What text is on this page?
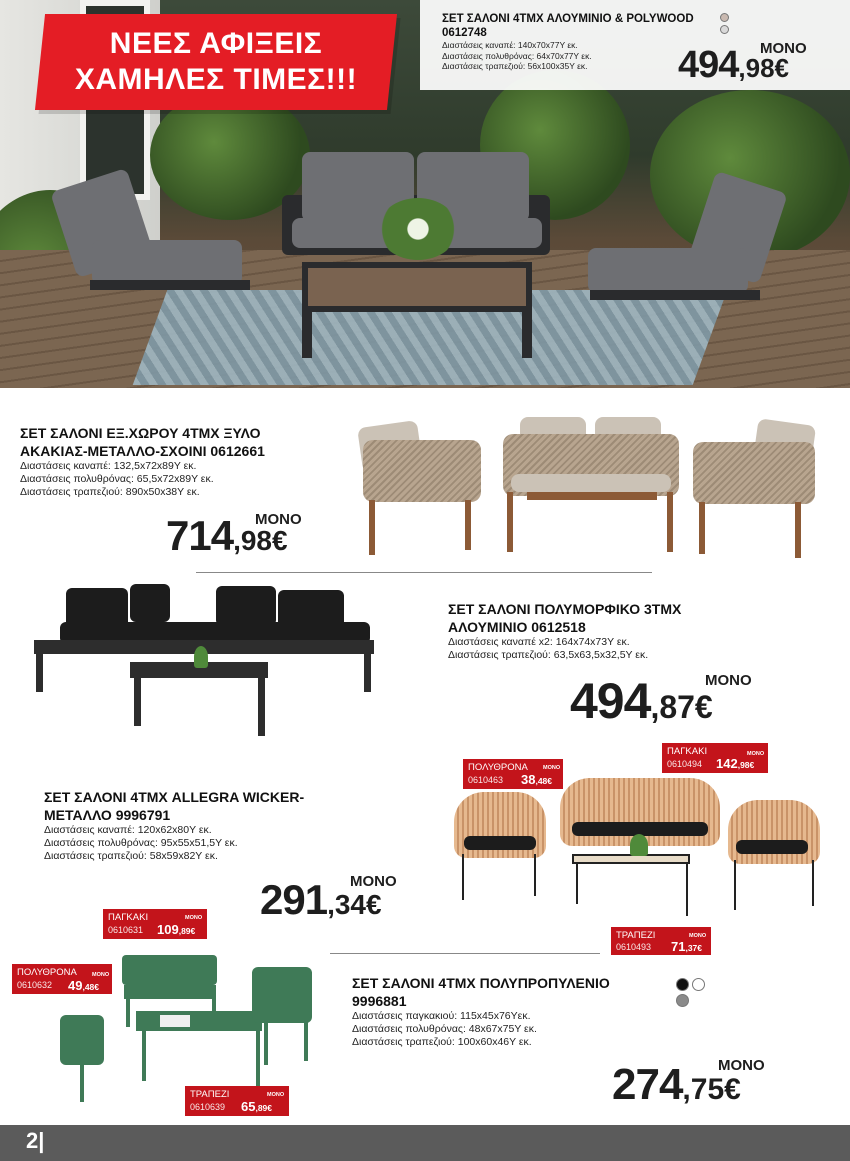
ΝΕΕΣ ΑΦΙΞΕΙΣ
ΧΑΜΗΛΕΣ ΤΙΜΕΣ!!!
ΣΕΤ ΣΑΛΟΝΙ 4ΤΜΧ ΑΛΟΥΜΙΝΙΟ & POLYWOOD
0612748
Διαστάσεις καναπέ: 140x70x77Υ εκ.
Διαστάσεις πολυθρόνας: 64x70x77Υ εκ.
Διαστάσεις τραπεζιού: 56x100x35Υ εκ.
ΜΟΝΟ
494,98€
ΣΕΤ ΣΑΛΟΝΙ ΕΞ.ΧΩΡΟΥ 4ΤΜΧ ΞΥΛΟ
ΑΚΑΚΙΑΣ-ΜΕΤΑΛΛΟ-ΣΧΟΙΝΙ 0612661
Διαστάσεις καναπέ: 132,5x72x89Υ εκ.
Διαστάσεις πολυθρόνας: 65,5x72x89Υ εκ.
Διαστάσεις τραπεζιού: 890x50x38Υ εκ.
ΜΟΝΟ
714,98€
ΣΕΤ ΣΑΛΟΝΙ ΠΟΛΥΜΟΡΦΙΚΟ 3ΤΜΧ
ΑΛΟΥΜΙΝΙΟ 0612518
Διαστάσεις καναπέ x2: 164x74x73Υ εκ.
Διαστάσεις τραπεζιού: 63,5x63,5x32,5Υ εκ.
ΜΟΝΟ
494,87€
ΣΕΤ ΣΑΛΟΝΙ 4ΤΜΧ ALLEGRA WICKER-
ΜΕΤΑΛΛΟ 9996791
Διαστάσεις καναπέ: 120x62x80Υ εκ.
Διαστάσεις πολυθρόνας: 95x55x51,5Υ εκ.
Διαστάσεις τραπεζιού: 58x59x82Υ εκ.
ΜΟΝΟ
291,34€
ΠΟΛΥΘΡΟΝΑ
0610463
ΜΟΝΟ
38,48€
ΠΑΓΚΑΚΙ
0610494
ΜΟΝΟ
142,98€
ΤΡΑΠΕΖΙ
0610493
ΜΟΝΟ
71,37€
ΣΕΤ ΣΑΛΟΝΙ 4ΤΜΧ ΠΟΛΥΠΡΟΠΥΛΕΝΙΟ
9996881
Διαστάσεις παγκακιού: 115x45x76Υεκ.
Διαστάσεις πολυθρόνας: 48x67x75Υ εκ.
Διαστάσεις τραπεζιού: 100x60x46Υ εκ.
ΜΟΝΟ
274,75€
ΠΑΓΚΑΚΙ
0610631
ΜΟΝΟ
109,89€
ΠΟΛΥΘΡΟΝΑ
0610632
ΜΟΝΟ
49,48€
ΤΡΑΠΕΖΙ
0610639
ΜΟΝΟ
65,89€
2|
